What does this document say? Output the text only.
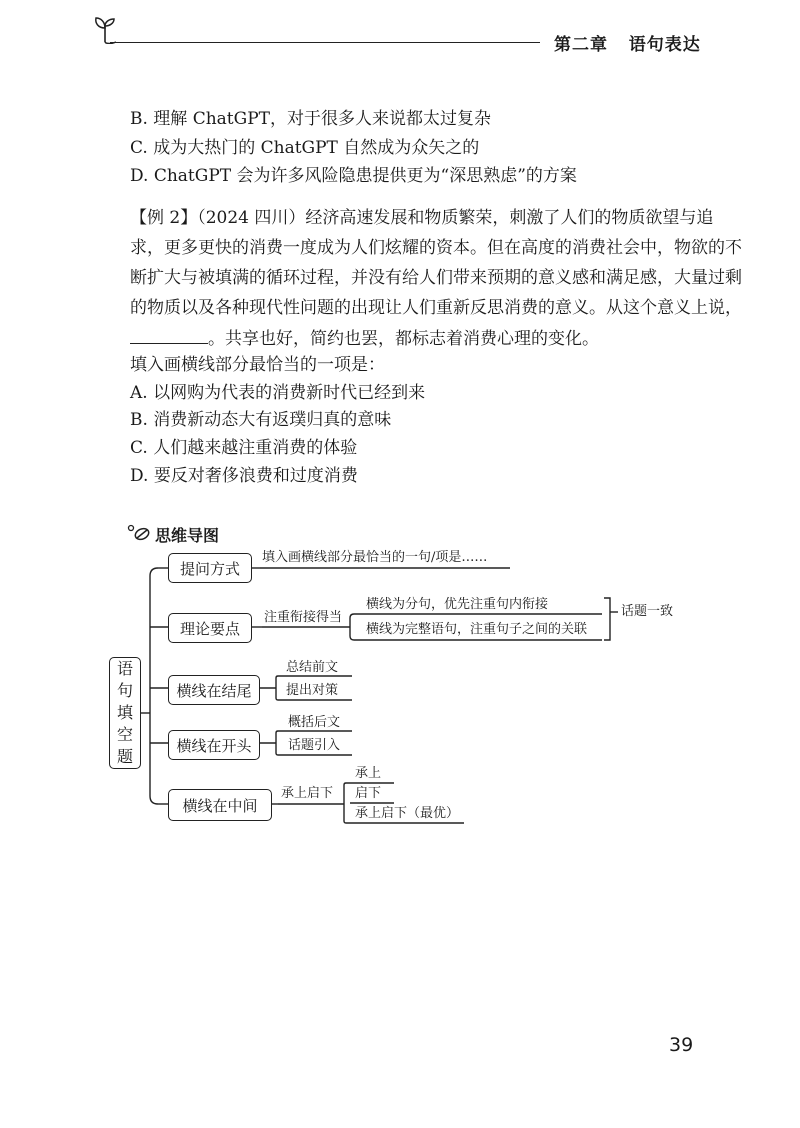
第二章 语句表达
B. 理解 ChatGPT，对于很多人来说都太过复杂
C. 成为大热门的 ChatGPT 自然成为众矢之的
D. ChatGPT 会为许多风险隐患提供更为“深思熟虑”的方案
【例 2】（2024 四川）经济高速发展和物质繁荣，刺激了人们的物质欲望与追
求，更多更快的消费一度成为人们炫耀的资本。但在高度的消费社会中，物欲的不
断扩大与被填满的循环过程，并没有给人们带来预期的意义感和满足感，大量过剩
的物质以及各种现代性问题的出现让人们重新反思消费的意义。从这个意义上说，
。共享也好，简约也罢，都标志着消费心理的变化。
填入画横线部分最恰当的一项是：
A. 以网购为代表的消费新时代已经到来
B. 消费新动态大有返璞归真的意味
C. 人们越来越注重消费的体验
D. 要反对奢侈浪费和过度消费
思维导图
语
句
填
空
题
提问方式
理论要点
横线在结尾
横线在开头
横线在中间
填入画横线部分最恰当的一句/项是……
注重衔接得当
横线为分句，优先注重句内衔接
横线为完整语句，注重句子之间的关联
话题一致
总结前文
提出对策
概括后文
话题引入
承上启下
承上
启下
承上启下（最优）
39
